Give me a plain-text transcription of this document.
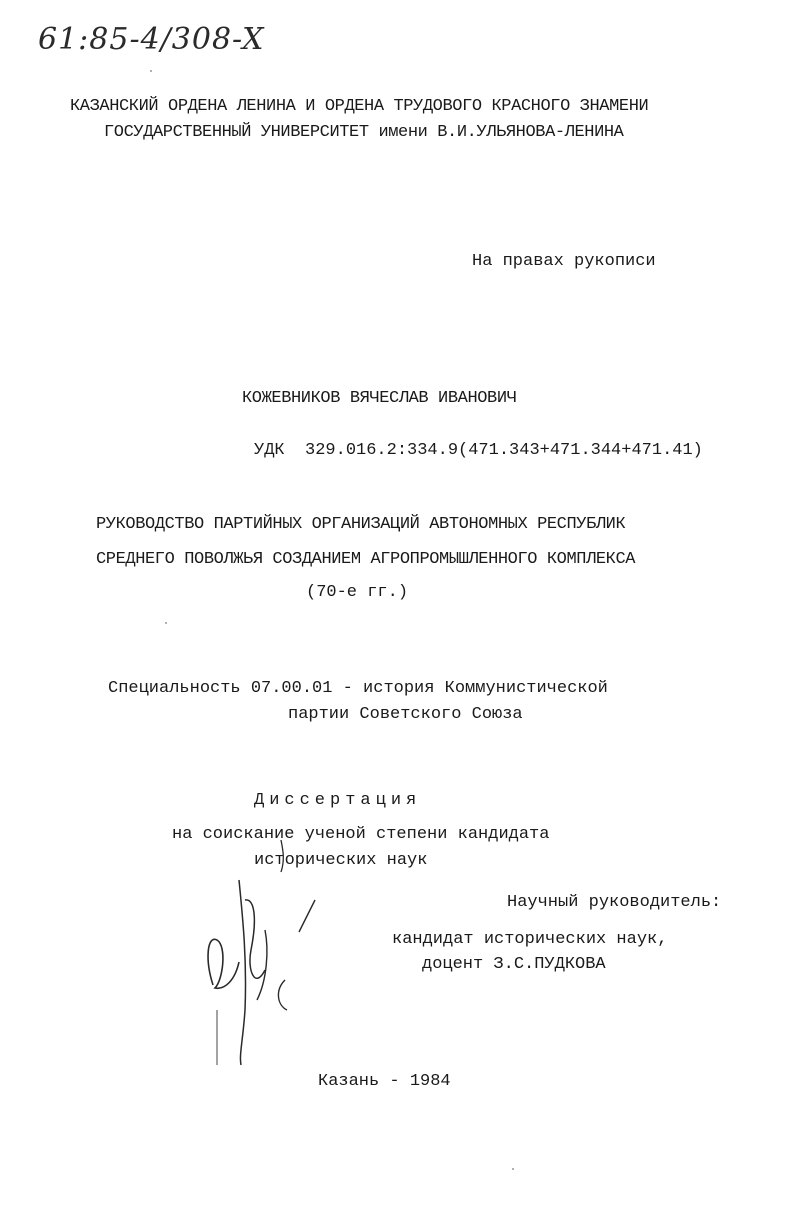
61:85-4/308-X
КАЗАНСКИЙ ОРДЕНА ЛЕНИНА И ОРДЕНА ТРУДОВОГО КРАСНОГО ЗНАМЕНИ
ГОСУДАРСТВЕННЫЙ УНИВЕРСИТЕТ имени В.И.УЛЬЯНОВА-ЛЕНИНА
На правах рукописи
КОЖЕВНИКОВ ВЯЧЕСЛАВ ИВАНОВИЧ
УДК  329.016.2:334.9(471.343+471.344+471.41)
РУКОВОДСТВО ПАРТИЙНЫХ ОРГАНИЗАЦИЙ АВТОНОМНЫХ РЕСПУБЛИК
СРЕДНЕГО ПОВОЛЖЬЯ СОЗДАНИЕМ АГРОПРОМЫШЛЕННОГО КОМПЛЕКСА
(70-е гг.)
Специальность 07.00.01 - история Коммунистической
партии Советского Союза
Диссертация
на соискание ученой степени кандидата
исторических наук
Научный руководитель:
кандидат исторических наук,
доцент З.С.ПУДКОВА
Казань - 1984
